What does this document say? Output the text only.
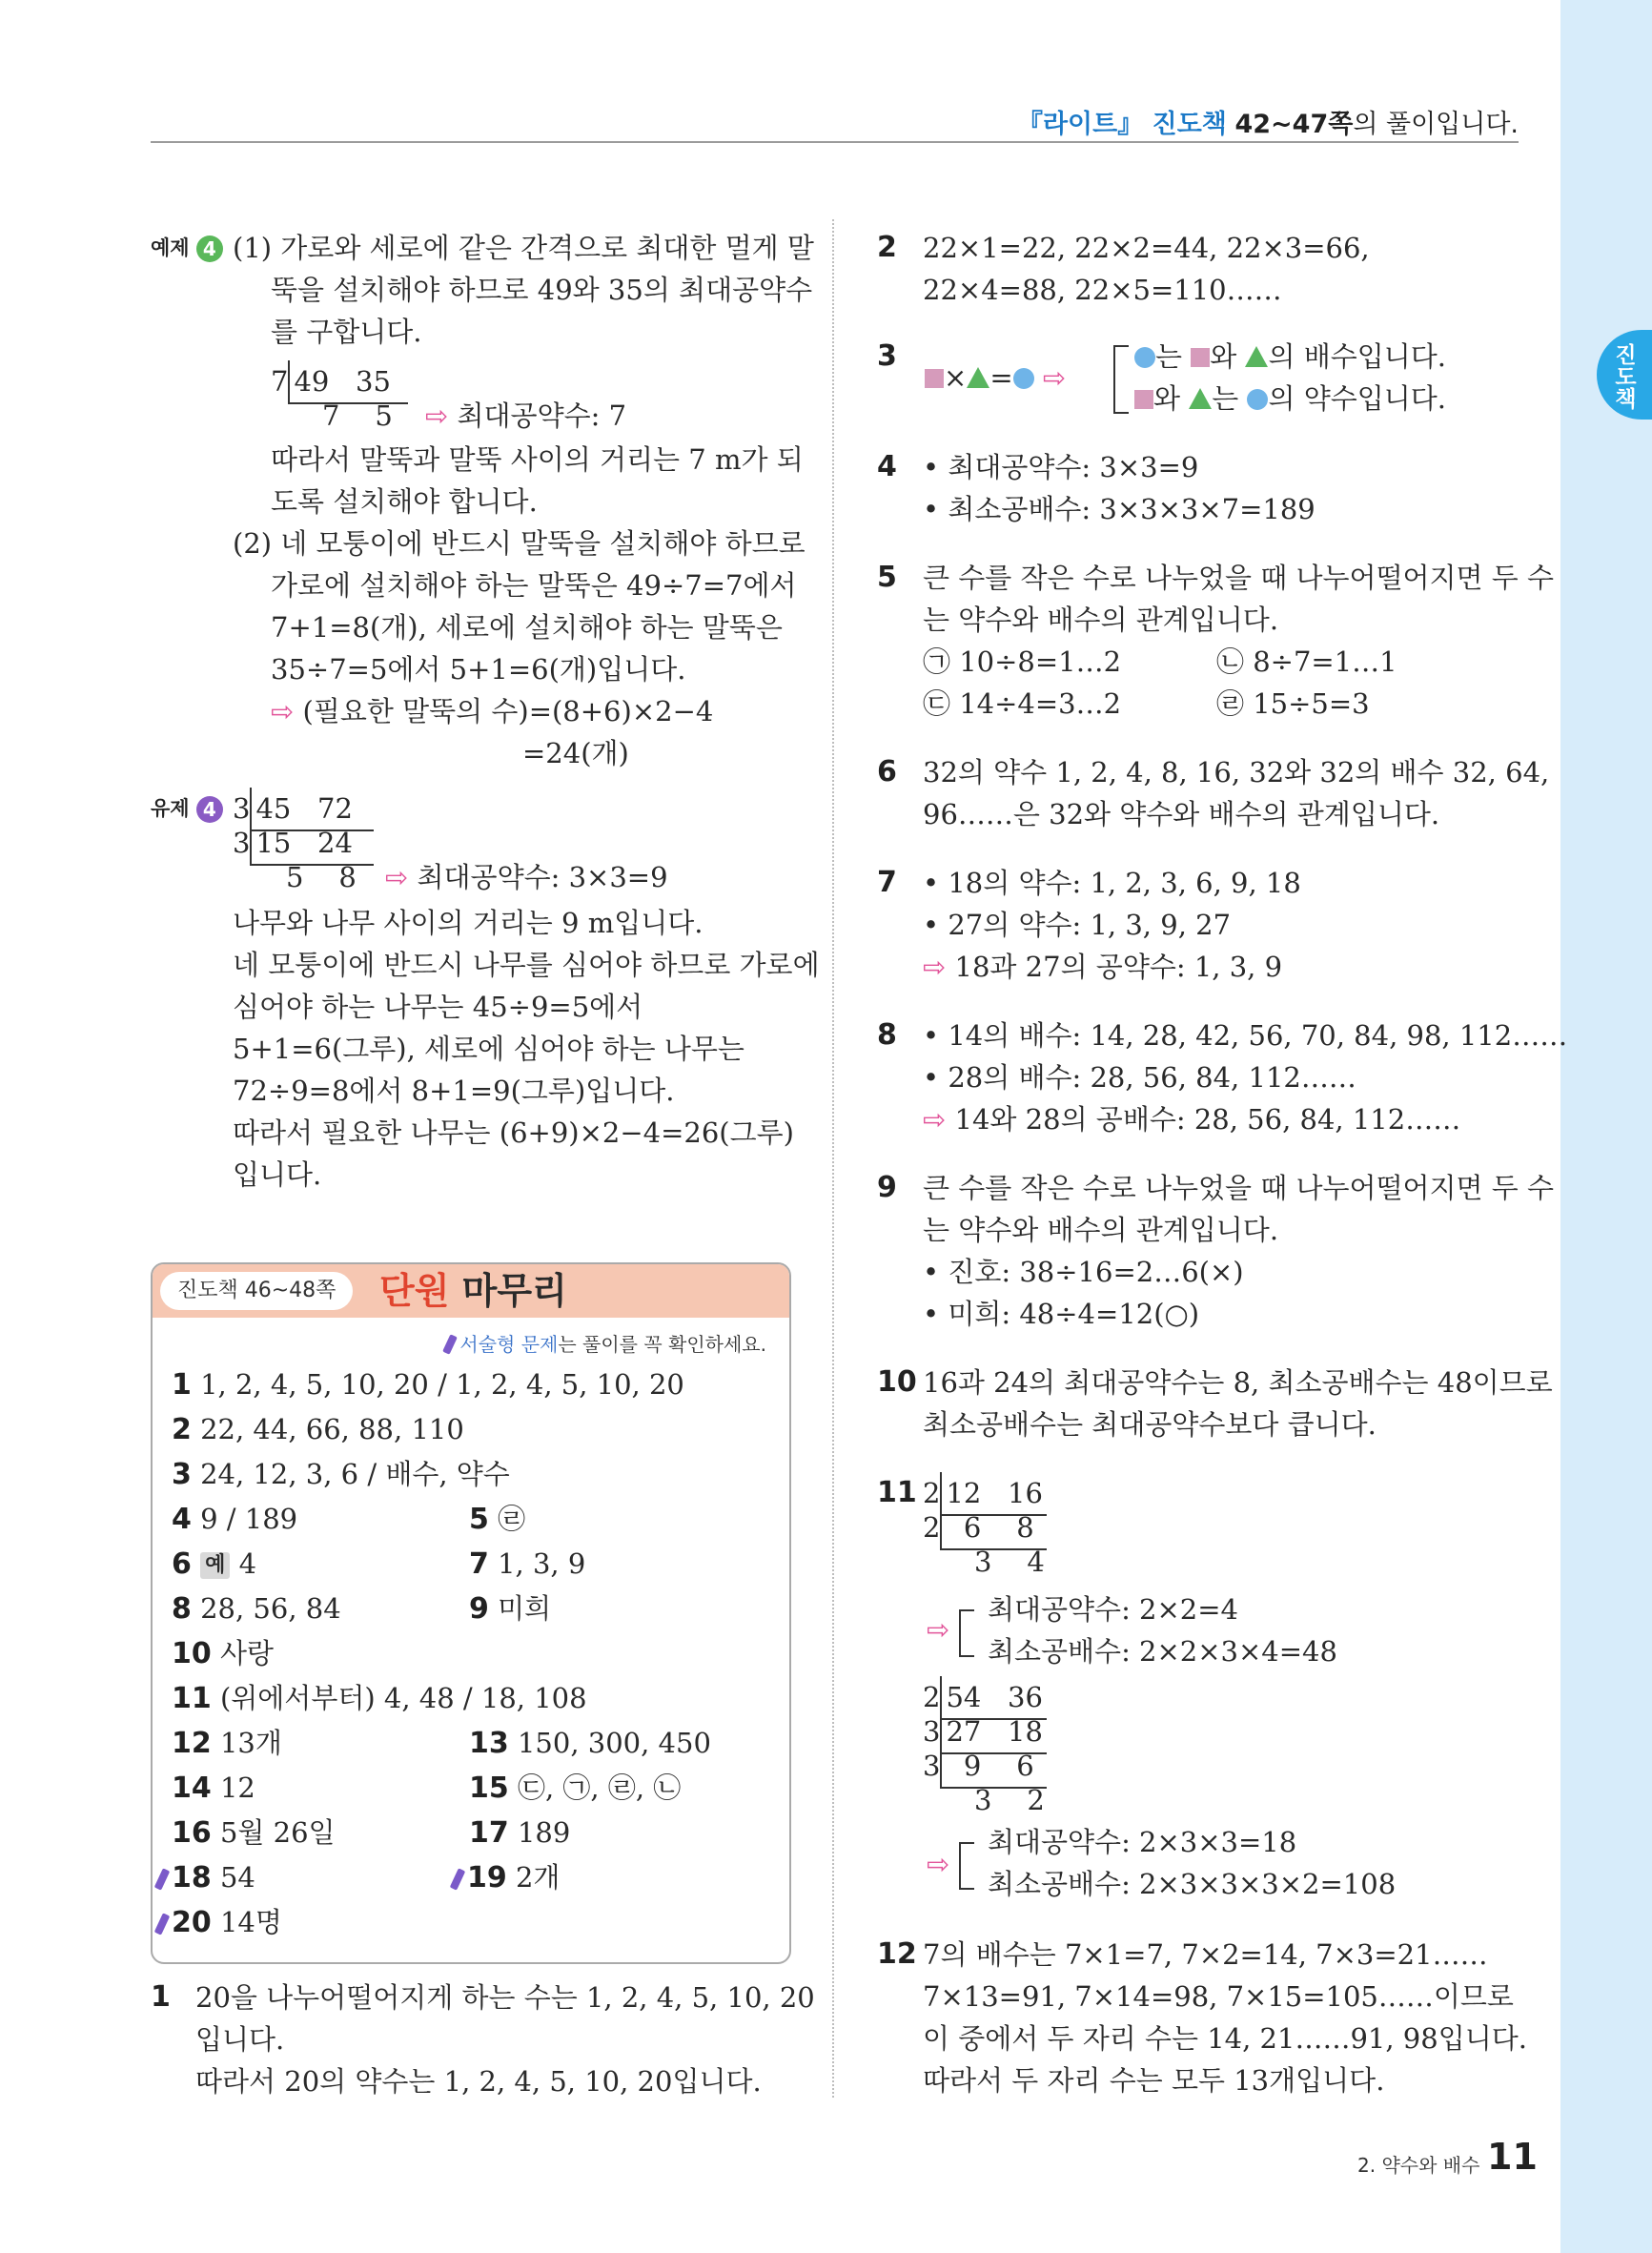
진도책
『라이트』 진도책 42~47쪽의 풀이입니다.
예제 4 (1) 가로와 세로에 같은 간격으로 최대한 멀게 말
뚝을 설치해야 하므로 49와 35의 최대공약수
를 구합니다.
7 49 35
7 5 ⇨ 최대공약수: 7
따라서 말뚝과 말뚝 사이의 거리는 7 m가 되
도록 설치해야 합니다.
(2) 네 모퉁이에 반드시 말뚝을 설치해야 하므로
가로에 설치해야 하는 말뚝은 49÷7=7에서
7+1=8(개), 세로에 설치해야 하는 말뚝은
35÷7=5에서 5+1=6(개)입니다.
⇨ (필요한 말뚝의 수)=(8+6)×2−4
=24(개)
유제 4 3 45 72
3 15 24
5 8 ⇨ 최대공약수: 3×3=9
나무와 나무 사이의 거리는 9 m입니다.
네 모퉁이에 반드시 나무를 심어야 하므로 가로에
심어야 하는 나무는 45÷9=5에서
5+1=6(그루), 세로에 심어야 하는 나무는
72÷9=8에서 8+1=9(그루)입니다.
따라서 필요한 나무는 (6+9)×2−4=26(그루)
입니다.
진도책 46~48쪽	단원 마무리
서술형 문제는 풀이를 꼭 확인하세요.
1 1, 2, 4, 5, 10, 20 / 1, 2, 4, 5, 10, 20
2 22, 44, 66, 88, 110
3 24, 12, 3, 6 / 배수, 약수
4 9 / 189	5 ㉣
6 예 4	7 1, 3, 9
8 28, 56, 84	9 미희
10 사랑
11 (위에서부터) 4, 48 / 18, 108
12 13개	13 150, 300, 450
14 12	15 ㉢, ㉠, ㉣, ㉡
16 5월 26일	17 189
18 54	19 2개
20 14명
1 20을 나누어떨어지게 하는 수는 1, 2, 4, 5, 10, 20
입니다.
따라서 20의 약수는 1, 2, 4, 5, 10, 20입니다.
2 22×1=22, 22×2=44, 22×3=66,
22×4=88, 22×5=110……
3
× = ⇨
는 와 의 배수입니다.
와 는 의 약수입니다.
4 • 최대공약수: 3×3=9
• 최소공배수: 3×3×3×7=189
5 큰 수를 작은 수로 나누었을 때 나누어떨어지면 두 수
는 약수와 배수의 관계입니다.
㉠ 10÷8=1…2	㉡ 8÷7=1…1
㉢ 14÷4=3…2	㉣ 15÷5=3
6 32의 약수 1, 2, 4, 8, 16, 32와 32의 배수 32, 64,
96……은 32와 약수와 배수의 관계입니다.
7 • 18의 약수: 1, 2, 3, 6, 9, 18
• 27의 약수: 1, 3, 9, 27
⇨ 18과 27의 공약수: 1, 3, 9
8 • 14의 배수: 14, 28, 42, 56, 70, 84, 98, 112……
• 28의 배수: 28, 56, 84, 112……
⇨ 14와 28의 공배수: 28, 56, 84, 112……
9 큰 수를 작은 수로 나누었을 때 나누어떨어지면 두 수
는 약수와 배수의 관계입니다.
• 진호: 38÷16=2…6(×)
• 미희: 48÷4=12(○)
10 16과 24의 최대공약수는 8, 최소공배수는 48이므로
최소공배수는 최대공약수보다 큽니다.
11 2 12 16
2 6 8
3 4
⇨
최대공약수: 2×2=4
최소공배수: 2×2×3×4=48
2 54 36
3 27 18
3 9 6
3 2
⇨
최대공약수: 2×3×3=18
최소공배수: 2×3×3×3×2=108
12 7의 배수는 7×1=7, 7×2=14, 7×3=21……
7×13=91, 7×14=98, 7×15=105……이므로
이 중에서 두 자리 수는 14, 21……91, 98입니다.
따라서 두 자리 수는 모두 13개입니다.
2. 약수와 배수 11
